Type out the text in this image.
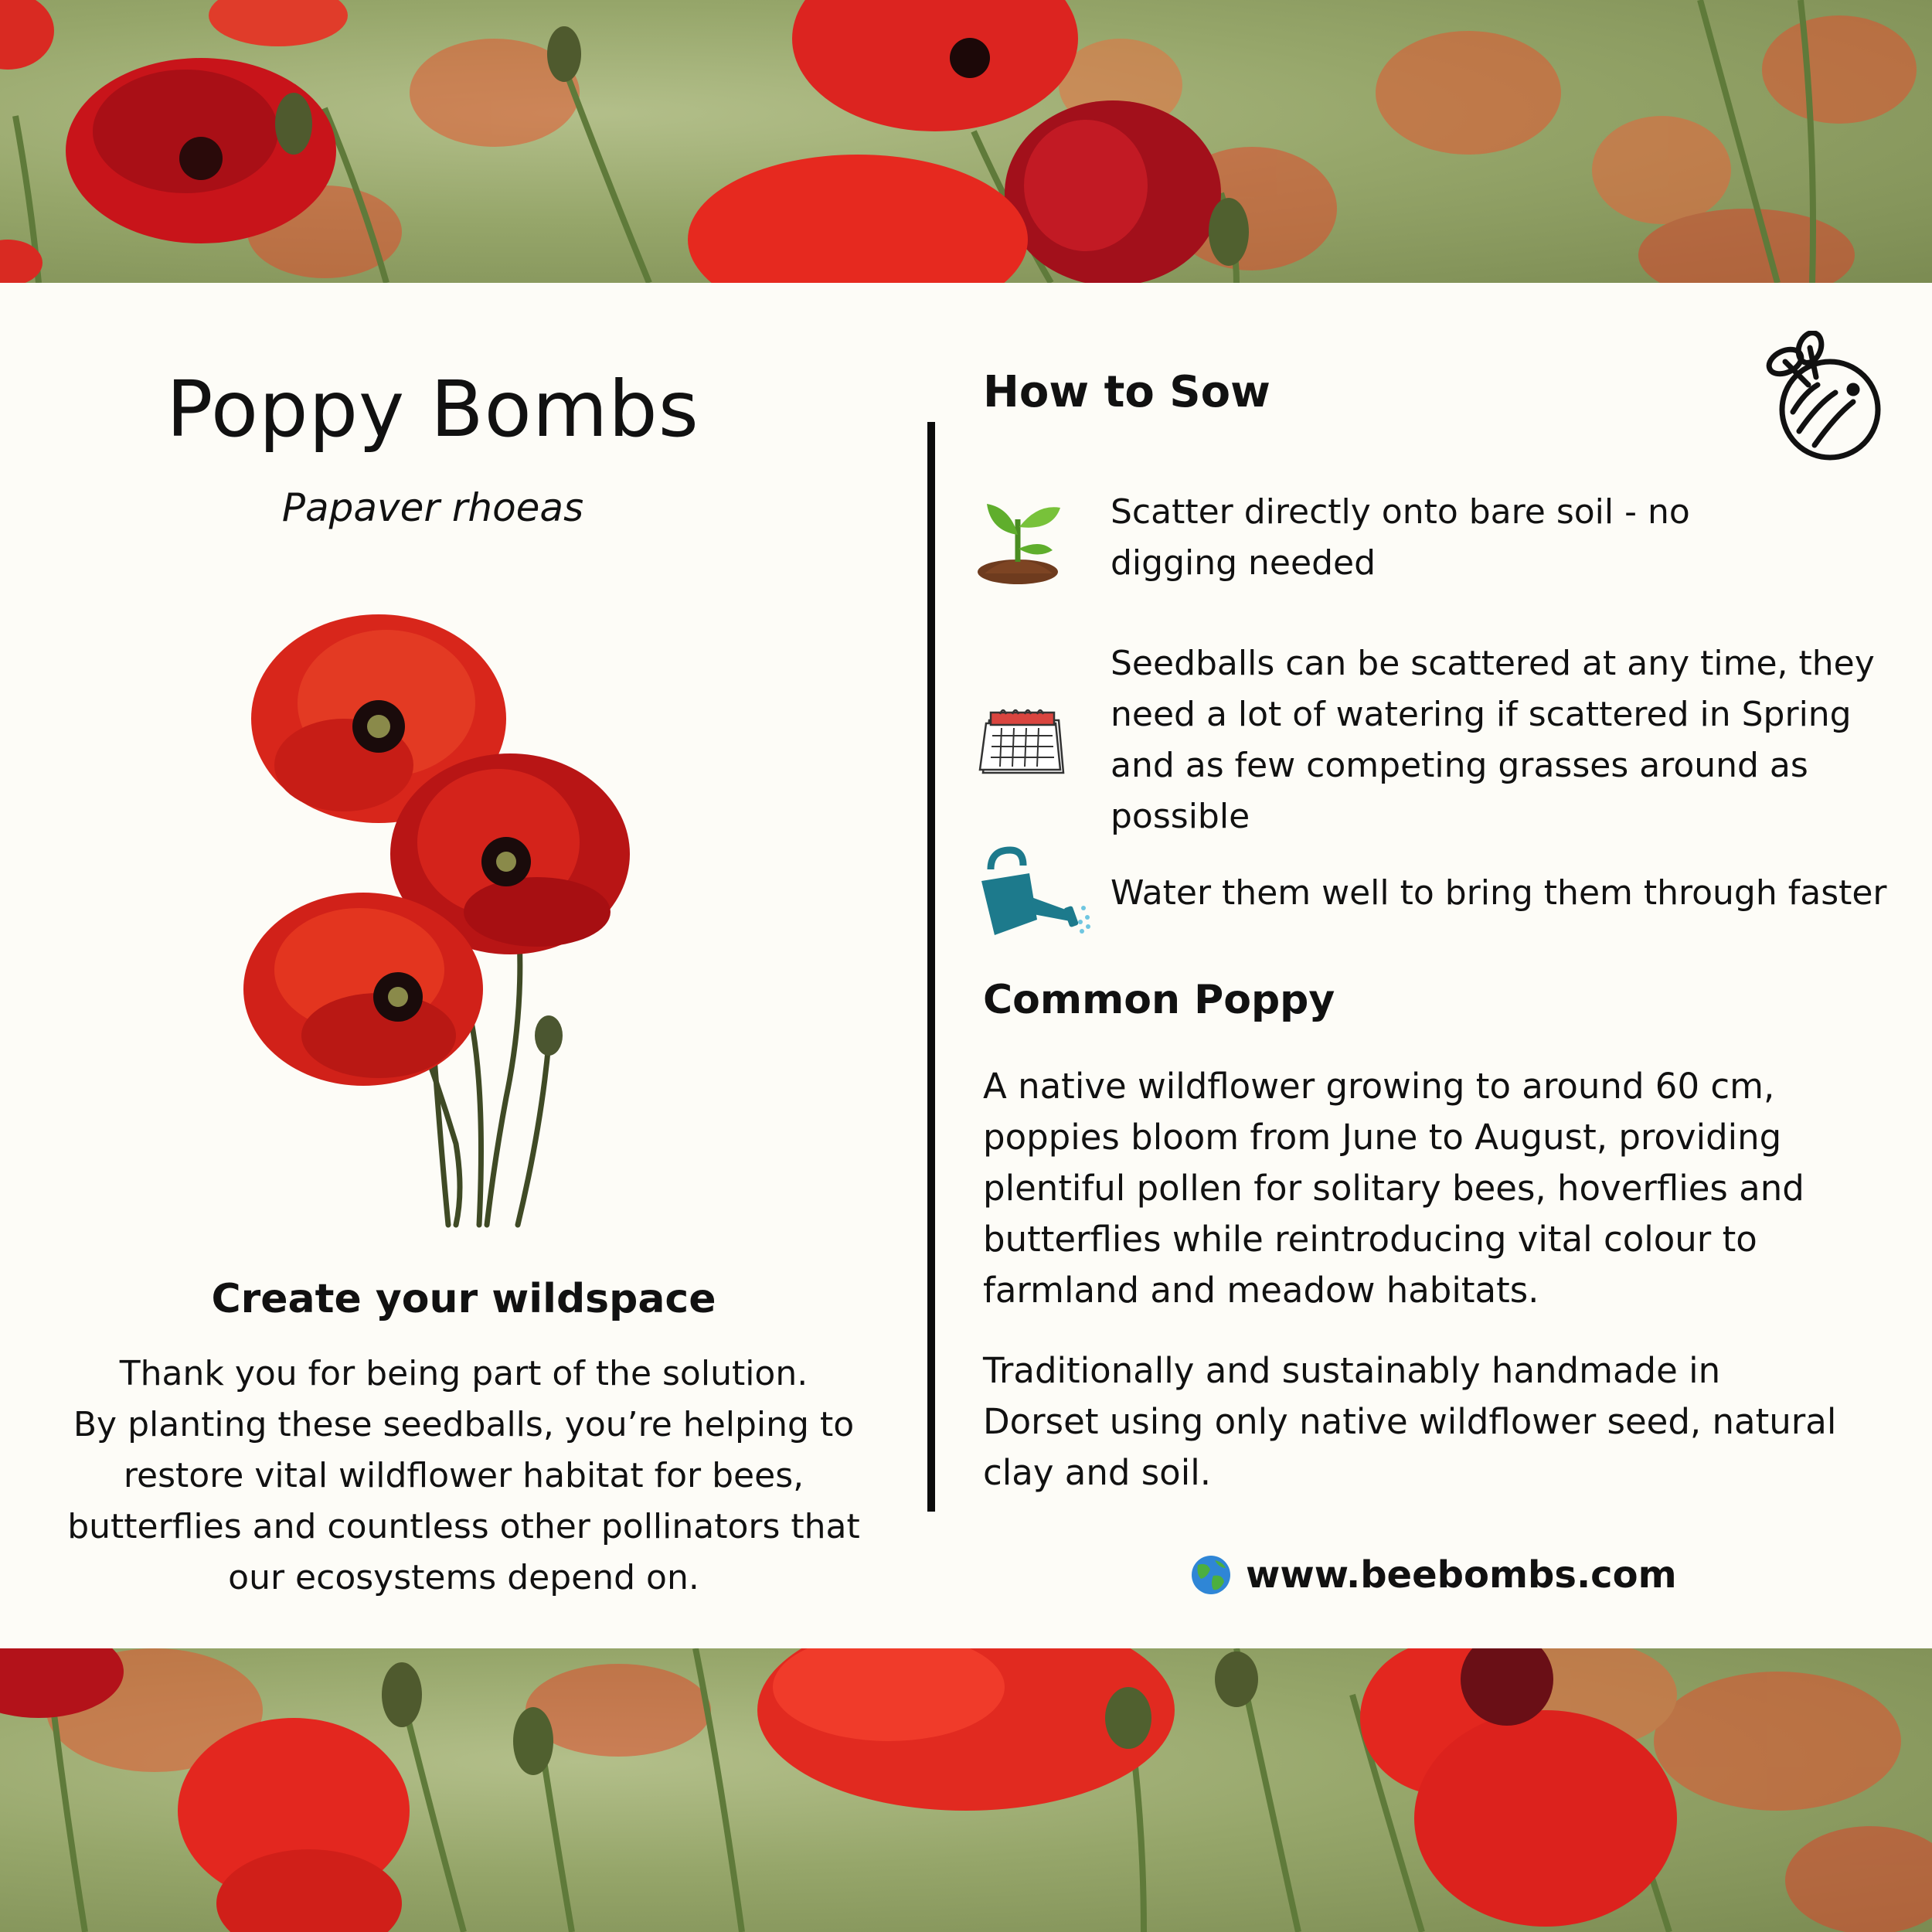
Poppy Bombs

Papaver rhoeas

Create your wildspace

Thank you for being part of the solution.
By planting these seedballs, you’re helping to
restore vital wildflower habitat for bees,
butterflies and countless other pollinators that
our ecosystems depend on.

How to Sow

Scatter directly onto bare soil - no
digging needed

Seedballs can be scattered at any time, they
need a lot of watering if scattered in Spring
and as few competing grasses around as
possible

Water them well to bring them through faster

Common Poppy

A native wildflower growing to around 60 cm,
poppies bloom from June to August, providing
plentiful pollen for solitary bees, hoverflies and
butterflies while reintroducing vital colour to
farmland and meadow habitats.

Traditionally and sustainably handmade in
Dorset using only native wildflower seed, natural
clay and soil.

www.beebombs.com
